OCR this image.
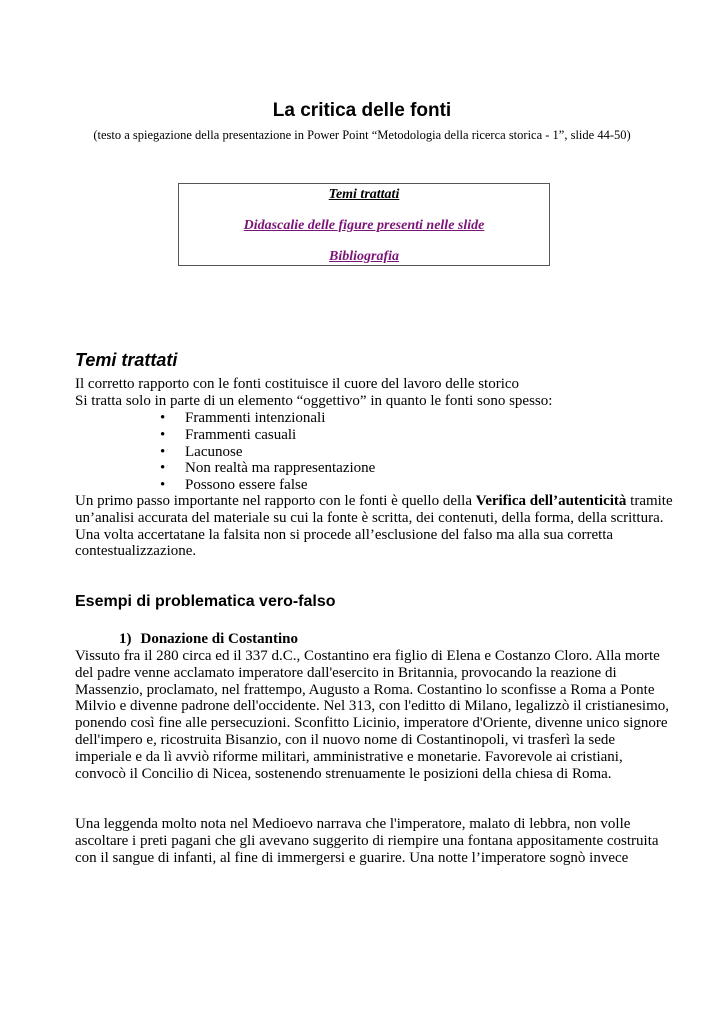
La critica delle fonti

(testo a spiegazione della presentazione in Power Point “Metodologia della ricerca storica - 1”, slide 44-50)

Temi trattati
Didascalie delle figure presenti nelle slide
Bibliografia
Temi trattati

Il corretto rapporto con le fonti costituisce il cuore del lavoro delle storico
Si tratta solo in parte di un elemento “oggettivo” in quanto le fonti sono spesso:

• Frammenti intenzionali
• Frammenti casuali
• Lacunose
• Non realtà ma rappresentazione
• Possono essere false

Un primo passo importante nel rapporto con le fonti è quello della Verifica dell’autenticità tramite un’analisi accurata del materiale su cui la fonte è scritta, dei contenuti, della forma, della scrittura. Una volta accertatane la falsita non si procede all’esclusione del falso ma alla sua corretta contestualizzazione.

Esempi di problematica vero-falso

1) Donazione di Costantino

Vissuto fra il 280 circa ed il 337 d.C., Costantino era figlio di Elena e Costanzo Cloro. Alla morte del padre venne acclamato imperatore dall'esercito in Britannia, provocando la reazione di Massenzio, proclamato, nel frattempo, Augusto a Roma. Costantino lo sconfisse a Roma a Ponte Milvio e divenne padrone dell'occidente. Nel 313, con l'editto di Milano, legalizzò il cristianesimo, ponendo così fine alle persecuzioni. Sconfitto Licinio, imperatore d'Oriente, divenne unico signore dell'impero e, ricostruita Bisanzio, con il nuovo nome di Costantinopoli, vi trasferì la sede imperiale e da lì avviò riforme militari, amministrative e monetarie. Favorevole ai cristiani, convocò il Concilio di Nicea, sostenendo strenuamente le posizioni della chiesa di Roma.

Una leggenda molto nota nel Medioevo narrava che l'imperatore, malato di lebbra, non volle ascoltare i preti pagani che gli avevano suggerito di riempire una fontana appositamente costruita con il sangue di infanti, al fine di immergersi e guarire. Una notte l’imperatore sognò invece
